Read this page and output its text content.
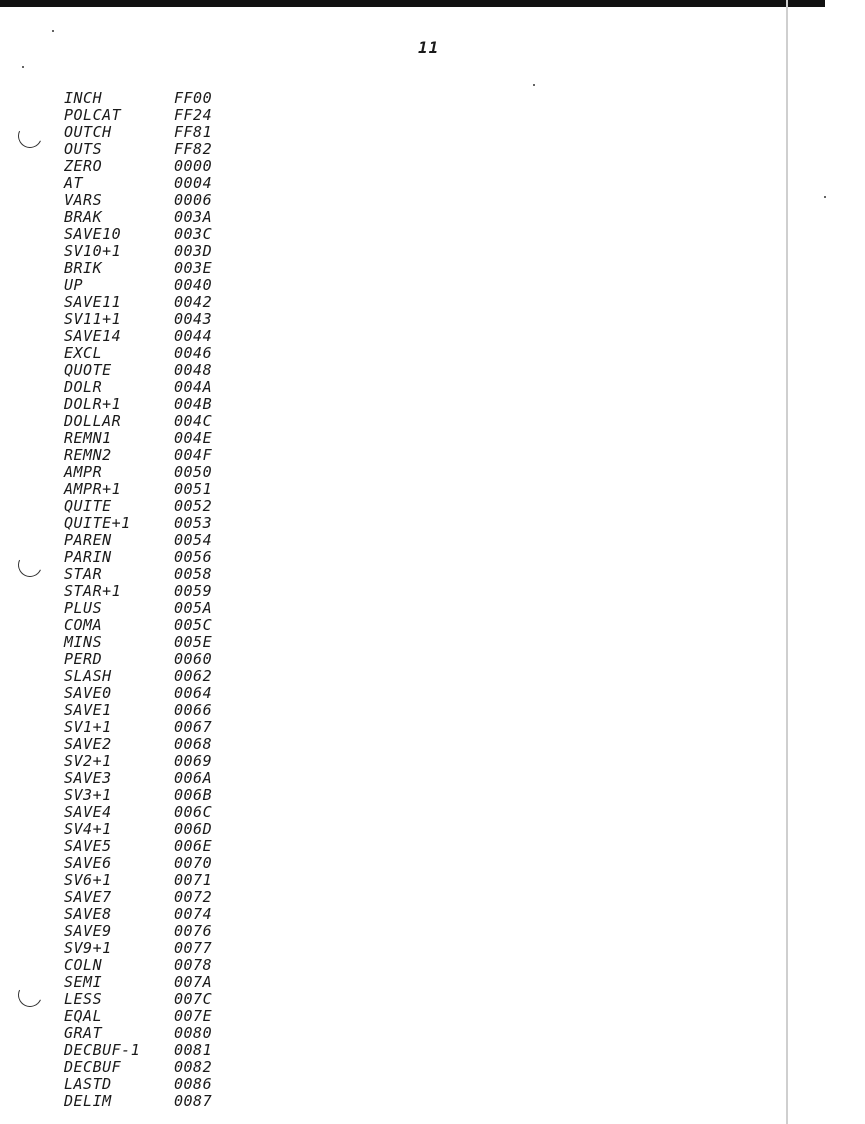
11
INCH	FF00
POLCAT	FF24
OUTCH	FF81
OUTS	FF82
ZERO	0000
AT	0004
VARS	0006
BRAK	003A
SAVE10	003C
SV10+1	003D
BRIK	003E
UP	0040
SAVE11	0042
SV11+1	0043
SAVE14	0044
EXCL	0046
QUOTE	0048
DOLR	004A
DOLR+1	004B
DOLLAR	004C
REMN1	004E
REMN2	004F
AMPR	0050
AMPR+1	0051
QUITE	0052
QUITE+1	0053
PAREN	0054
PARIN	0056
STAR	0058
STAR+1	0059
PLUS	005A
COMA	005C
MINS	005E
PERD	0060
SLASH	0062
SAVE0	0064
SAVE1	0066
SV1+1	0067
SAVE2	0068
SV2+1	0069
SAVE3	006A
SV3+1	006B
SAVE4	006C
SV4+1	006D
SAVE5	006E
SAVE6	0070
SV6+1	0071
SAVE7	0072
SAVE8	0074
SAVE9	0076
SV9+1	0077
COLN	0078
SEMI	007A
LESS	007C
EQAL	007E
GRAT	0080
DECBUF-1 0081
DECBUF	0082
LASTD	0086
DELIM	0087
